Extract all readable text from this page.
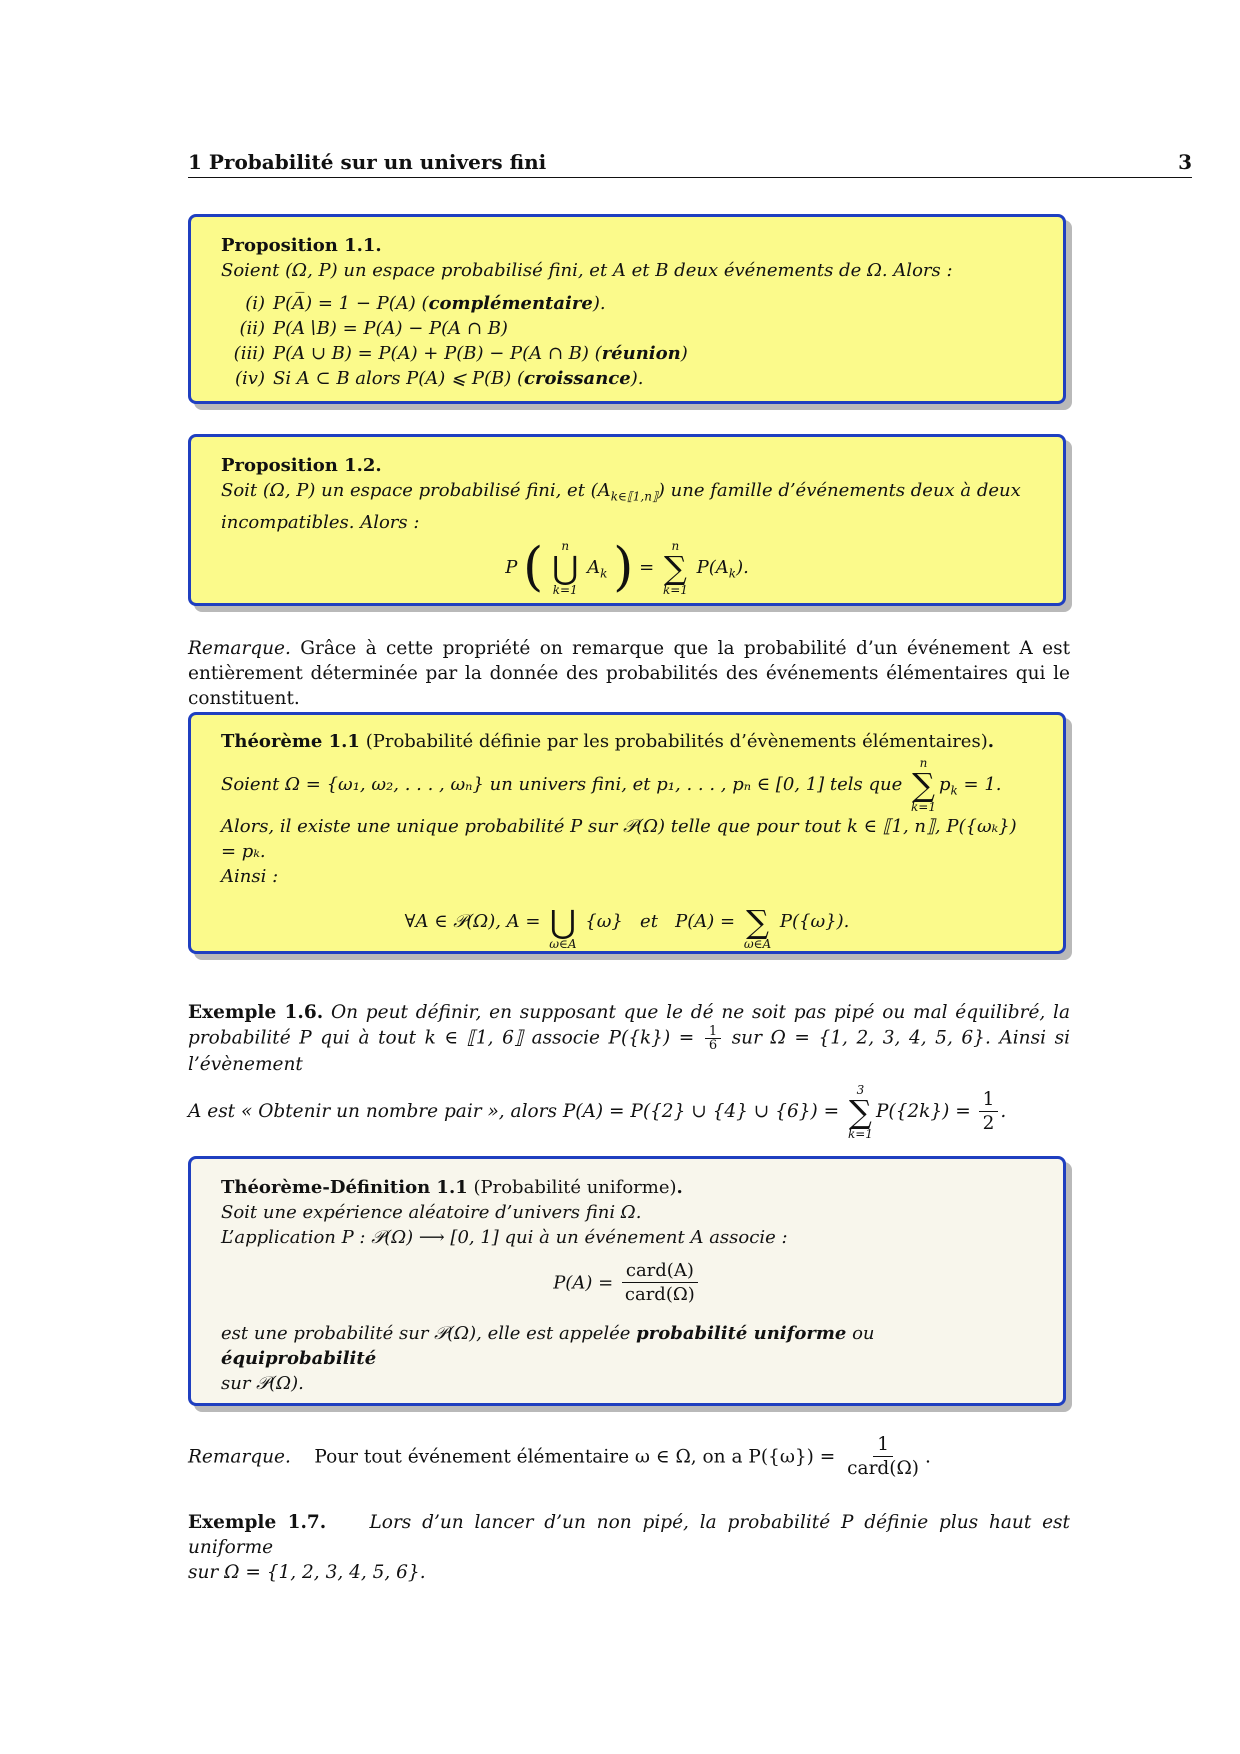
1 Probabilité sur un univers fini	3
Proposition 1.1.
Soient (Ω, P) un espace probabilisé fini, et A et B deux événements de Ω. Alors :
(i) P(A̅) = 1 − P(A) (complémentaire).
(ii) P(A∖B) = P(A) − P(A ∩ B)
(iii) P(A ∪ B) = P(A) + P(B) − P(A ∩ B) (réunion)
(iv) Si A ⊂ B alors P(A) ⩽ P(B) (croissance).
Proposition 1.2.
Soit (Ω, P) un espace probabilisé fini, et $(A_{k\in⟦1,n⟧})$ une famille d’événements deux à deux incompatibles. Alors :
P ( n
⋃
k=1
$A_k$ ) =
n
∑
k=1
$P(A_k)$.
Remarque. Grâce à cette propriété on remarque que la probabilité d’un événement A est entièrement déterminée par la donnée des probabilités des événements élémentaires qui le constituent.
Théorème 1.1 (Probabilité définie par les probabilités d’évènements élémentaires).
Soient Ω = {ω₁, ω₂, . . . , ωₙ} un univers fini, et p₁, . . . , pₙ ∈ [0, 1] tels que
n
∑
k=1
$p_k = 1$.
Alors, il existe une unique probabilité P sur 𝒫(Ω) telle que pour tout k ∈ ⟦1, n⟧, P({ωₖ}) = pₖ.
Ainsi :
∀A ∈ 𝒫(Ω), A =
⋃
ω∈A
{ω} et P(A) =
∑
ω∈A
P({ω}).
Exemple 1.6. On peut définir, en supposant que le dé ne soit pas pipé ou mal équilibré, la probabilité P qui à tout k ∈ ⟦1, 6⟧ associe $P(\{k\}) = \frac{1}{6}$ sur Ω = {1, 2, 3, 4, 5, 6}. Ainsi si l’évènement
A est « Obtenir un nombre pair », alors P(A) = P({2} ∪ {4} ∪ {6}) =
3
∑
k=1
$P(\{2k\}) = \frac{1}{2}$ .
Théorème-Définition 1.1 (Probabilité uniforme).
Soit une expérience aléatoire d’univers fini Ω.
L’application P : 𝒫(Ω) ⟶ [0, 1] qui à un événement A associe :
$P(A) = \frac{\text{card(A)}}{\text{card(Ω)}}$
est une probabilité sur 𝒫(Ω), elle est appelée probabilité uniforme ou équiprobabilité
sur 𝒫(Ω).
Remarque. Pour tout événement élémentaire ω ∈ Ω, on a $P(\{\omega\}) = \frac{1}{\text{card(Ω)}}$ .
Exemple 1.7. Lors d’un lancer d’un non pipé, la probabilité P définie plus haut est uniforme
sur Ω = {1, 2, 3, 4, 5, 6}.
